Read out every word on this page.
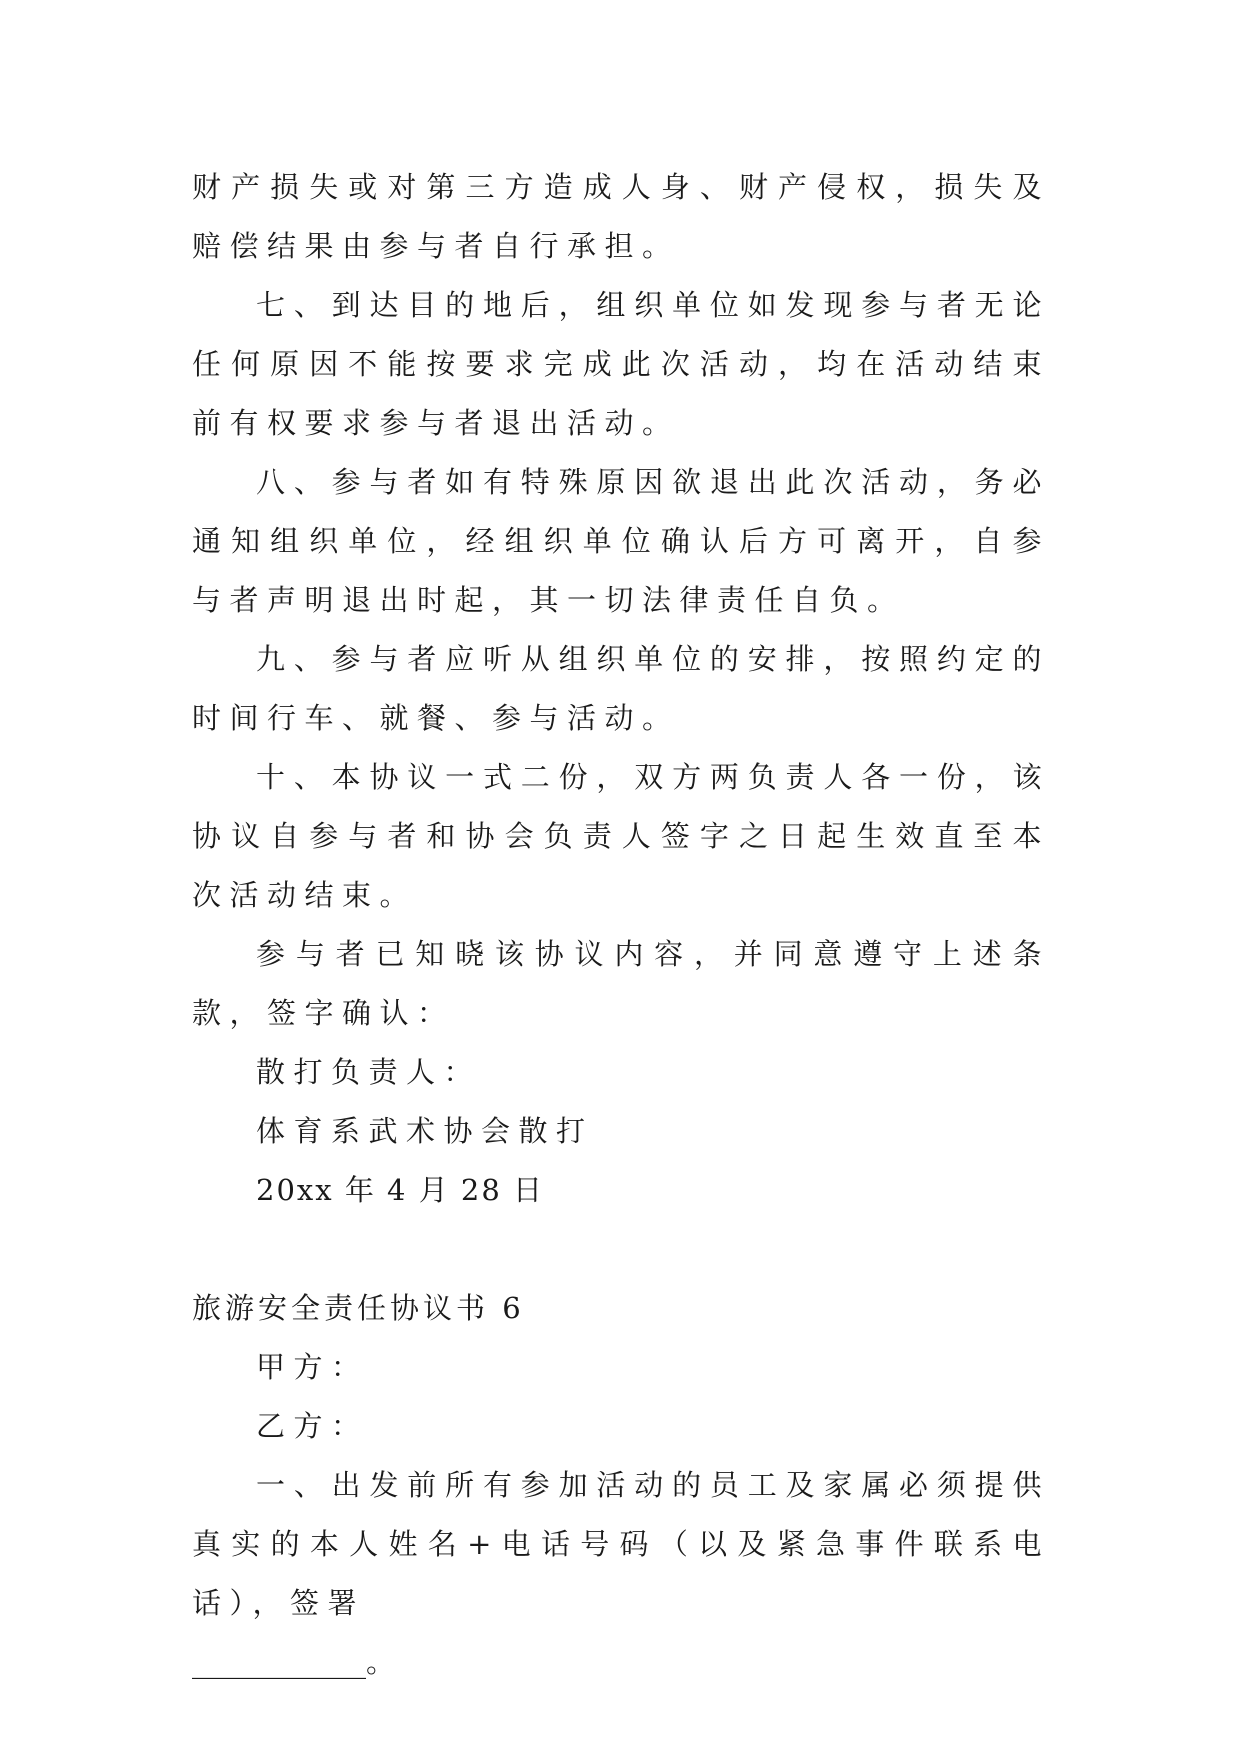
财产损失或对第三方造成人身、财产侵权，损失及赔偿结果由参与者自行承担。

七、到达目的地后，组织单位如发现参与者无论任何原因不能按要求完成此次活动，均在活动结束前有权要求参与者退出活动。

八、参与者如有特殊原因欲退出此次活动，务必通知组织单位，经组织单位确认后方可离开，自参与者声明退出时起，其一切法律责任自负。

九、参与者应听从组织单位的安排，按照约定的时间行车、就餐、参与活动。

十、本协议一式二份，双方两负责人各一份，该协议自参与者和协会负责人签字之日起生效直至本次活动结束。

参与者已知晓该协议内容，并同意遵守上述条款，签字确认：

散打负责人：

体育系武术协会散打

20xx 年 4 月 28 日

旅游安全责任协议书 6

甲方：

乙方：

一、出发前所有参加活动的员工及家属必须提供真实的本人姓名+电话号码（以及紧急事件联系电话），签署

____________。
